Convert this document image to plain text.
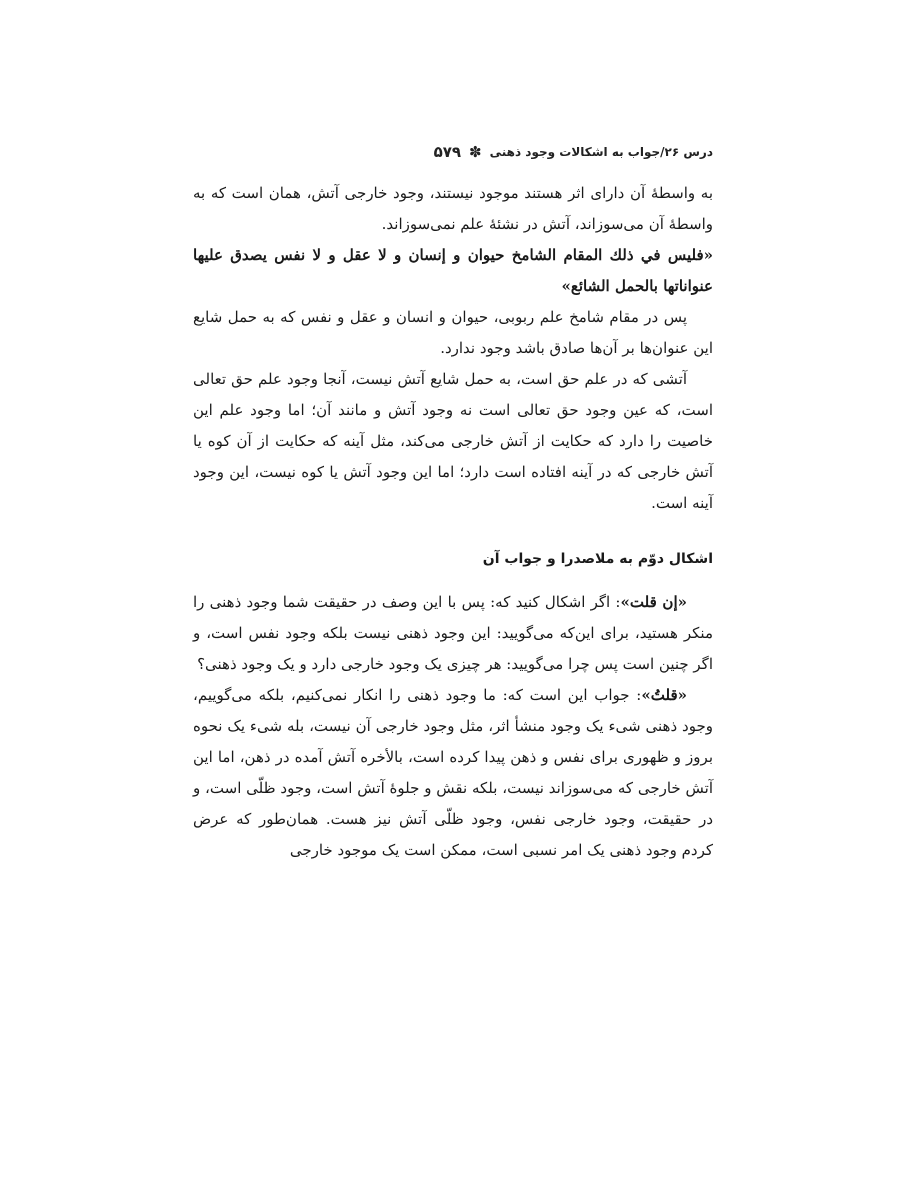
درس ۲۶/جواب به اشکالات وجود ذهنی
✽
۵۷۹

به واسطهٔ آن دارای اثر هستند موجود نیستند، وجود خارجی آتش، همان است که به واسطهٔ آن می‌سوزاند، آتش در نشئهٔ علم نمی‌سوزاند.

«فليس في ذلك المقام الشامخ حيوان و إنسان و لا عقل و لا نفس يصدق عليها عنواناتها بالحمل الشائع»

پس در مقام شامخ علم ربوبی، حیوان و انسان و عقل و نفس که به حمل شایع این عنوان‌ها بر آن‌ها صادق باشد وجود ندارد.

آتشی که در علم حق است، به حمل شایع آتش نیست، آنجا وجود علم حق تعالی است، که عین وجود حق تعالی است نه وجود آتش و مانند آن؛ اما وجود علم این خاصیت را دارد که حکایت از آتش خارجی می‌کند، مثل آینه که حکایت از آن کوه یا آتش خارجی که در آینه افتاده است دارد؛ اما این وجود آتش یا کوه نیست، این وجود آینه است.

اشکال دوّم به ملاصدرا و جواب آن

«إن قلت»: اگر اشکال کنید که: پس با این وصف در حقیقت شما وجود ذهنی را منکر هستید، برای این‌که می‌گویید: این وجود ذهنی نیست بلکه وجود نفس است، و اگر چنین است پس چرا می‌گویید: هر چیزی یک وجود خارجی دارد و یک وجود ذهنی؟

«قلتُ»: جواب این است که: ما وجود ذهنی را انکار نمی‌کنیم، بلکه می‌گوییم، وجود ذهنی شیء یک وجود منشأ اثر، مثل وجود خارجی آن نیست، بله شیء یک نحوه بروز و ظهوری برای نفس و ذهن پیدا کرده است، بالأخره آتش آمده در ذهن، اما این آتش خارجی که می‌سوزاند نیست، بلکه نقش و جلوهٔ آتش است، وجود ظلّی است، و در حقیقت، وجود خارجی نفس، وجود ظلّی آتش نیز هست. همان‌طور که عرض کردم وجود ذهنی یک امر نسبی است، ممکن است یک موجود خارجی
